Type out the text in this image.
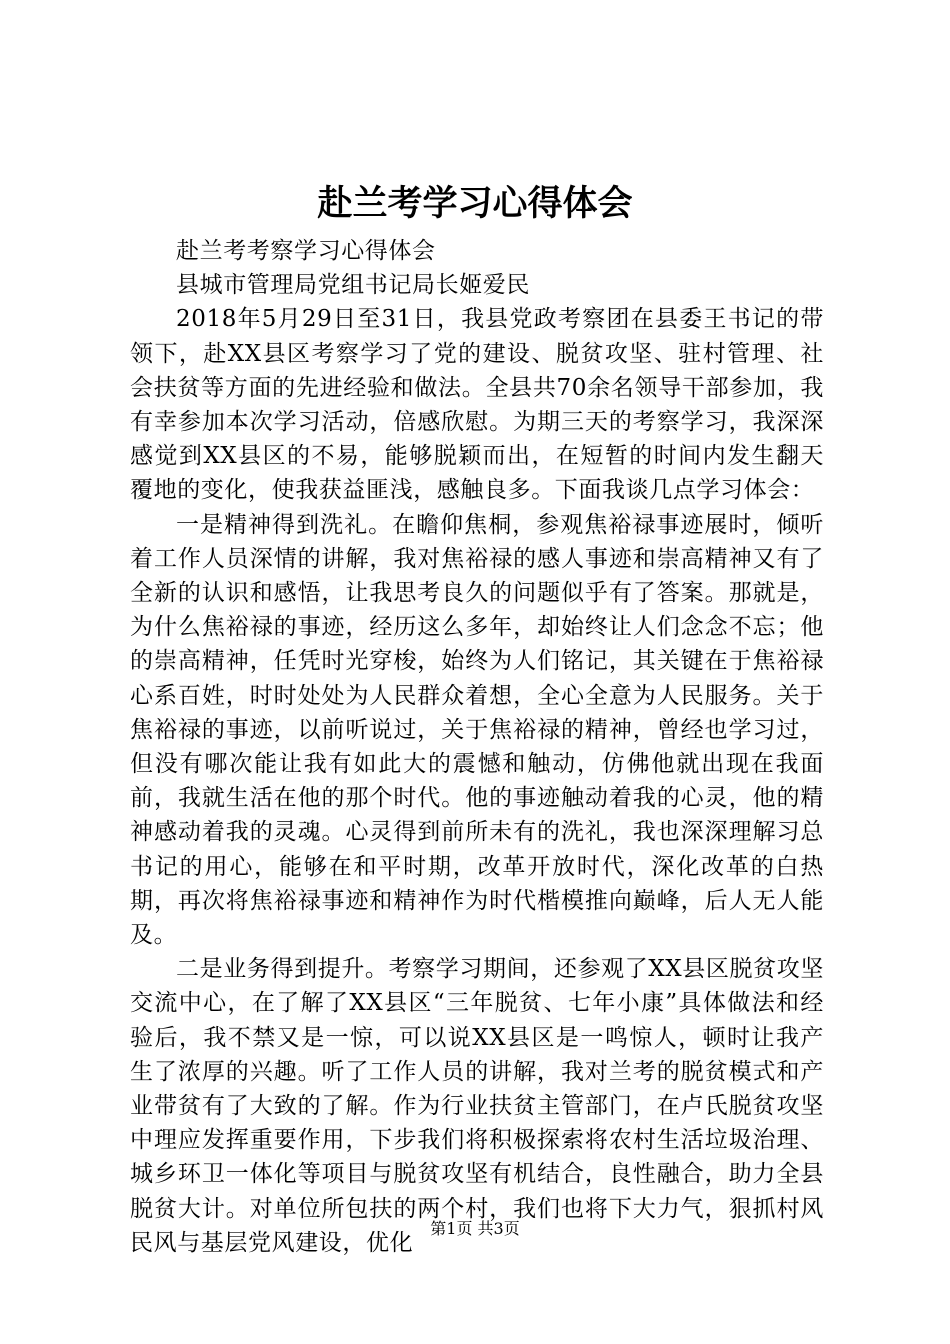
赴兰考学习心得体会

赴兰考考察学习心得体会

县城市管理局党组书记局长姬爱民

2018年5月29日至31日，我县党政考察团在县委王书记的带领下，赴XX县区考察学习了党的建设、脱贫攻坚、驻村管理、社会扶贫等方面的先进经验和做法。全县共70余名领导干部参加，我有幸参加本次学习活动，倍感欣慰。为期三天的考察学习，我深深感觉到XX县区的不易，能够脱颖而出，在短暂的时间内发生翻天覆地的变化，使我获益匪浅，感触良多。下面我谈几点学习体会：

一是精神得到洗礼。在瞻仰焦桐，参观焦裕禄事迹展时，倾听着工作人员深情的讲解，我对焦裕禄的感人事迹和崇高精神又有了全新的认识和感悟，让我思考良久的问题似乎有了答案。那就是，为什么焦裕禄的事迹，经历这么多年，却始终让人们念念不忘；他的崇高精神，任凭时光穿梭，始终为人们铭记，其关键在于焦裕禄心系百姓，时时处处为人民群众着想，全心全意为人民服务。关于焦裕禄的事迹，以前听说过，关于焦裕禄的精神，曾经也学习过，但没有哪次能让我有如此大的震憾和触动，仿佛他就出现在我面前，我就生活在他的那个时代。他的事迹触动着我的心灵，他的精神感动着我的灵魂。心灵得到前所未有的洗礼，我也深深理解习总书记的用心，能够在和平时期，改革开放时代，深化改革的白热期，再次将焦裕禄事迹和精神作为时代楷模推向巅峰，后人无人能及。

二是业务得到提升。考察学习期间，还参观了XX县区脱贫攻坚交流中心，在了解了XX县区“三年脱贫、七年小康”具体做法和经验后，我不禁又是一惊，可以说XX县区是一鸣惊人，顿时让我产生了浓厚的兴趣。听了工作人员的讲解，我对兰考的脱贫模式和产业带贫有了大致的了解。作为行业扶贫主管部门，在卢氏脱贫攻坚中理应发挥重要作用，下步我们将积极探索将农村生活垃圾治理、城乡环卫一体化等项目与脱贫攻坚有机结合，良性融合，助力全县脱贫大计。对单位所包扶的两个村，我们也将下大力气，狠抓村风民风与基层党风建设，优化

第1页 共3页
